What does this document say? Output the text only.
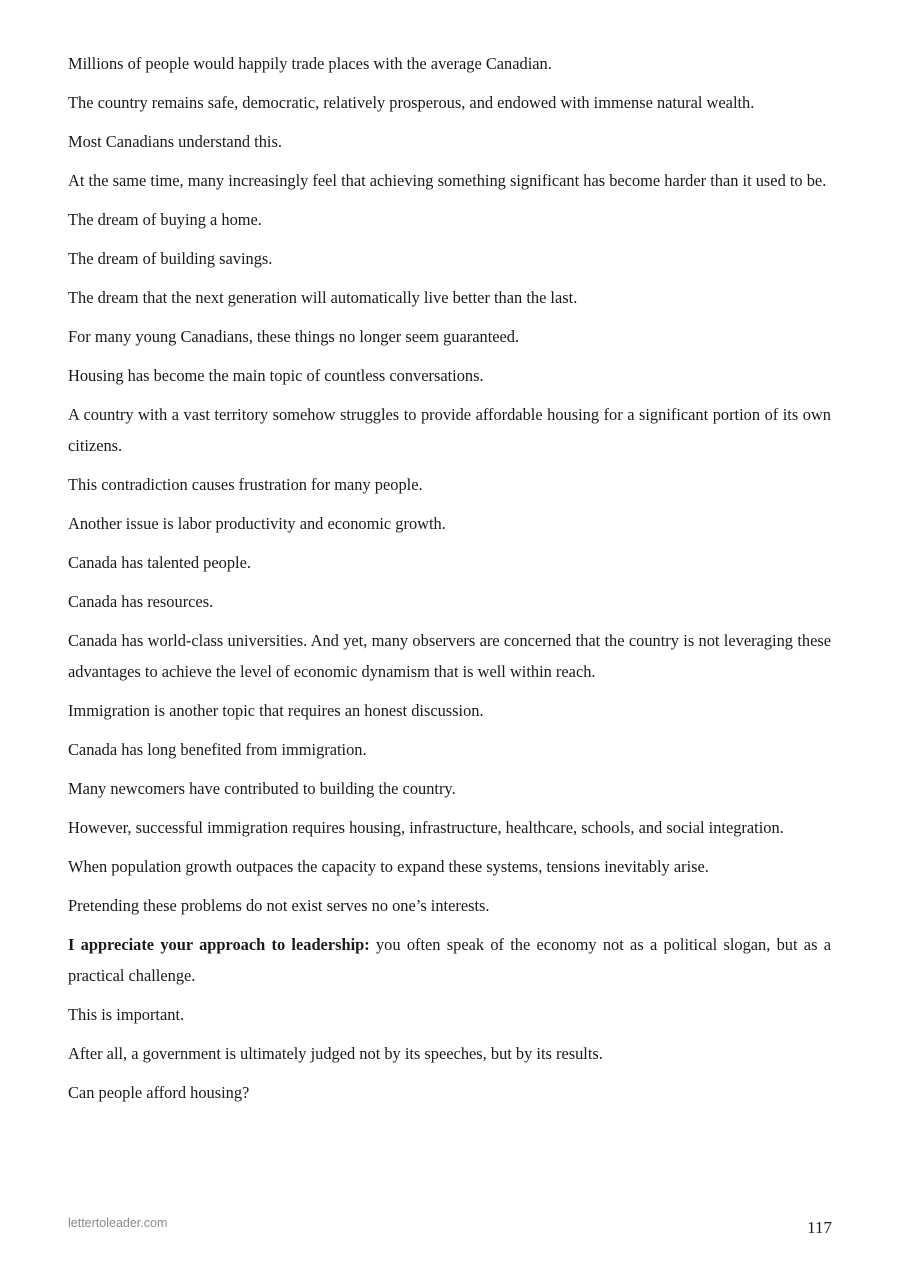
Millions of people would happily trade places with the average Canadian.

The country remains safe, democratic, relatively prosperous, and endowed with immense natural wealth.

Most Canadians understand this.

At the same time, many increasingly feel that achieving something significant has become harder than it used to be.

The dream of buying a home.

The dream of building savings.

The dream that the next generation will automatically live better than the last.

For many young Canadians, these things no longer seem guaranteed.

Housing has become the main topic of countless conversations.

A country with a vast territory somehow struggles to provide affordable housing for a significant portion of its own citizens.

This contradiction causes frustration for many people.

Another issue is labor productivity and economic growth.

Canada has talented people.

Canada has resources.

Canada has world-class universities. And yet, many observers are concerned that the country is not leveraging these advantages to achieve the level of economic dynamism that is well within reach.

Immigration is another topic that requires an honest discussion.

Canada has long benefited from immigration.

Many newcomers have contributed to building the country.

However, successful immigration requires housing, infrastructure, healthcare, schools, and social integration.

When population growth outpaces the capacity to expand these systems, tensions inevitably arise.

Pretending these problems do not exist serves no one’s interests.

I appreciate your approach to leadership: you often speak of the economy not as a political slogan, but as a practical challenge.

This is important.

After all, a government is ultimately judged not by its speeches, but by its results.

Can people afford housing?

lettertoleader.com	117
